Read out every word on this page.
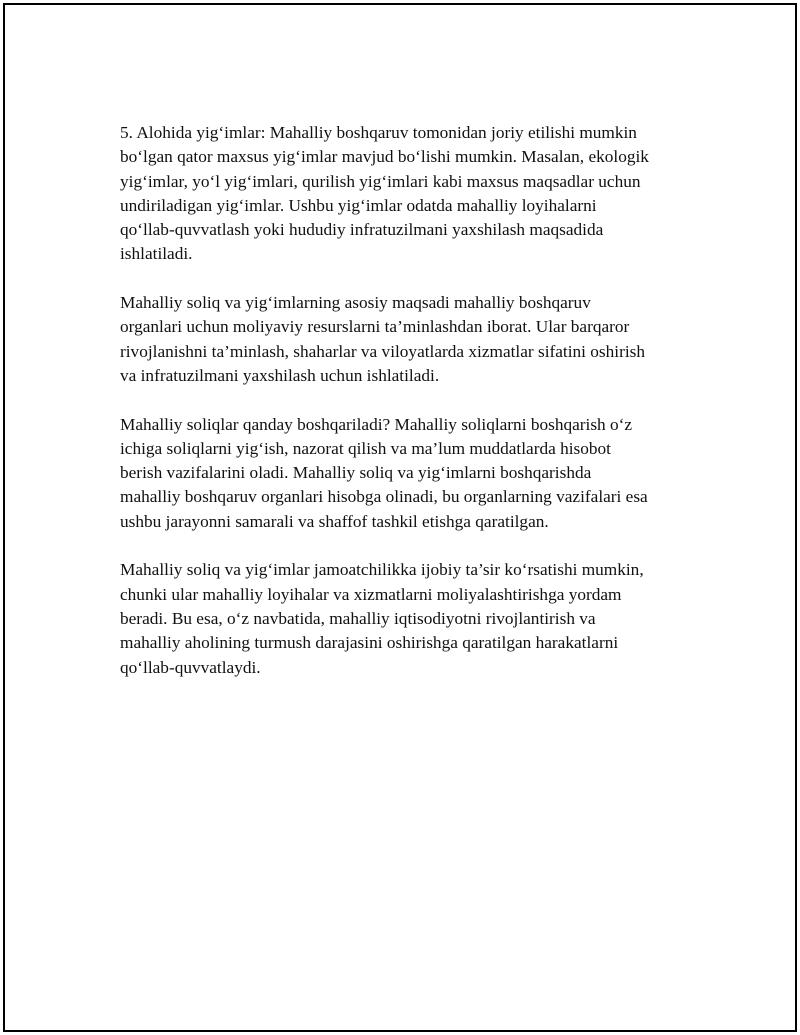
5. Alohida yig‘imlar: Mahalliy boshqaruv tomonidan joriy etilishi mumkin
bo‘lgan qator maxsus yig‘imlar mavjud bo‘lishi mumkin. Masalan, ekologik
yig‘imlar, yo‘l yig‘imlari, qurilish yig‘imlari kabi maxsus maqsadlar uchun
undiriladigan yig‘imlar. Ushbu yig‘imlar odatda mahalliy loyihalarni
qo‘llab-quvvatlash yoki hududiy infratuzilmani yaxshilash maqsadida
ishlatiladi.

Mahalliy soliq va yig‘imlarning asosiy maqsadi mahalliy boshqaruv
organlari uchun moliyaviy resurslarni ta’minlashdan iborat. Ular barqaror
rivojlanishni ta’minlash, shaharlar va viloyatlarda xizmatlar sifatini oshirish
va infratuzilmani yaxshilash uchun ishlatiladi.

Mahalliy soliqlar qanday boshqariladi? Mahalliy soliqlarni boshqarish o‘z
ichiga soliqlarni yig‘ish, nazorat qilish va ma’lum muddatlarda hisobot
berish vazifalarini oladi. Mahalliy soliq va yig‘imlarni boshqarishda
mahalliy boshqaruv organlari hisobga olinadi, bu organlarning vazifalari esa
ushbu jarayonni samarali va shaffof tashkil etishga qaratilgan.

Mahalliy soliq va yig‘imlar jamoatchilikka ijobiy ta’sir ko‘rsatishi mumkin,
chunki ular mahalliy loyihalar va xizmatlarni moliyalashtirishga yordam
beradi. Bu esa, o‘z navbatida, mahalliy iqtisodiyotni rivojlantirish va
mahalliy aholining turmush darajasini oshirishga qaratilgan harakatlarni
qo‘llab-quvvatlaydi.
